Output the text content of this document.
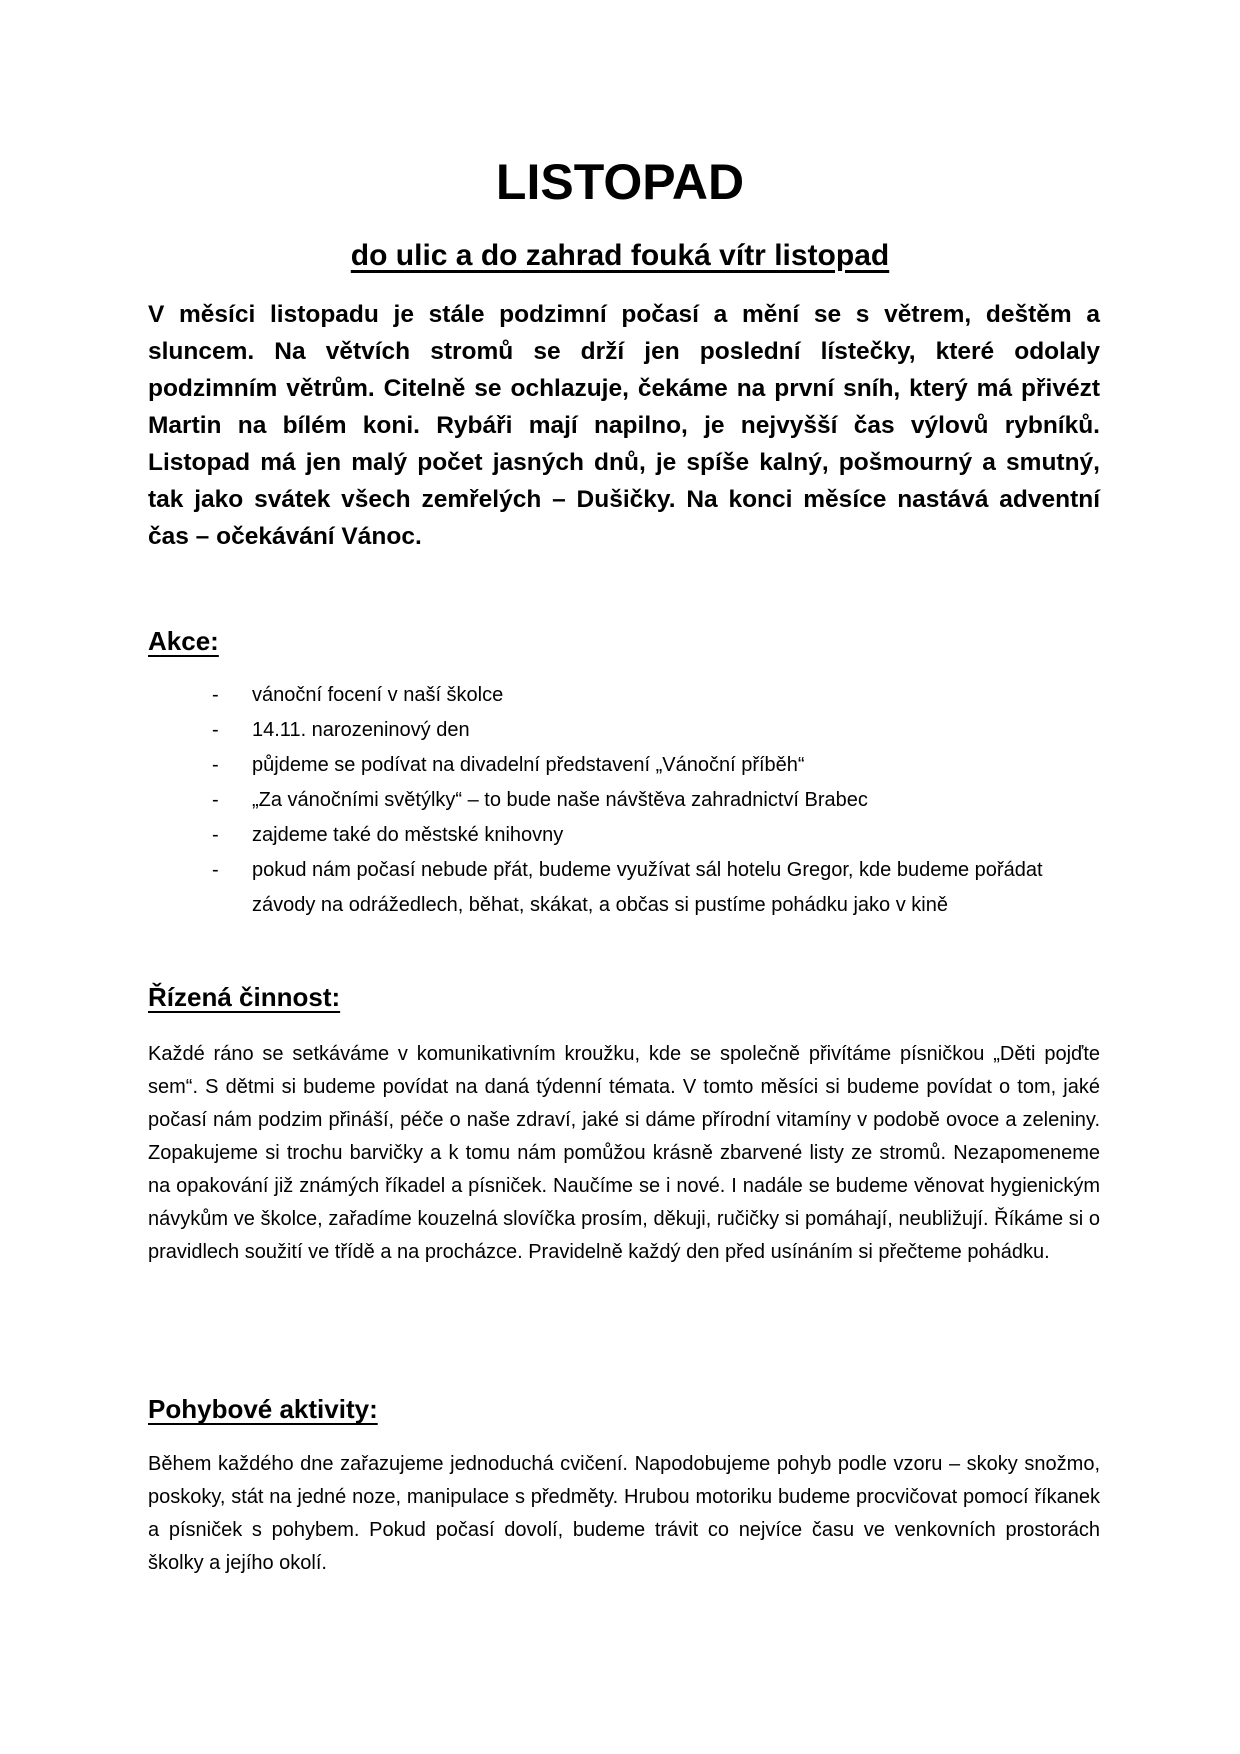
LISTOPAD
do ulic a do zahrad fouká vítr listopad

V měsíci listopadu je stále podzimní počasí a mění se s větrem, deštěm a sluncem. Na větvích stromů se drží jen poslední lístečky, které odolaly podzimním větrům. Citelně se ochlazuje, čekáme na první sníh, který má přivézt Martin na bílém koni. Rybáři mají napilno, je nejvyšší čas výlovů rybníků. Listopad má jen malý počet jasných dnů, je spíše kalný, pošmourný a smutný, tak jako svátek všech zemřelých – Dušičky. Na konci měsíce nastává adventní čas – očekávání Vánoc.

Akce:
- vánoční focení v naší školce
- 14.11. narozeninový den
- půjdeme se podívat na divadelní představení „Vánoční příběh“
- „Za vánočními světýlky“ – to bude naše návštěva zahradnictví Brabec
- zajdeme také do městské knihovny
- pokud nám počasí nebude přát, budeme využívat sál hotelu Gregor, kde budeme pořádat závody na odrážedlech, běhat, skákat, a občas si pustíme pohádku jako v kině
Řízená činnost:

Každé ráno se setkáváme v komunikativním kroužku, kde se společně přivítáme písničkou „Děti pojďte sem“. S dětmi si budeme povídat na daná týdenní témata. V tomto měsíci si budeme povídat o tom, jaké počasí nám podzim přináší, péče o naše zdraví, jaké si dáme přírodní vitamíny v podobě ovoce a zeleniny. Zopakujeme si trochu barvičky a k tomu nám pomůžou krásně zbarvené listy ze stromů. Nezapomeneme na opakování již známých říkadel a písniček. Naučíme se i nové. I nadále se budeme věnovat hygienickým návykům ve školce, zařadíme kouzelná slovíčka prosím, děkuji, ručičky si pomáhají, neubližují. Říkáme si o pravidlech soužití ve třídě a na procházce. Pravidelně každý den před usínáním si přečteme pohádku.

Pohybové aktivity:

Během každého dne zařazujeme jednoduchá cvičení. Napodobujeme pohyb podle vzoru – skoky snožmo, poskoky, stát na jedné noze, manipulace s předměty. Hrubou motoriku budeme procvičovat pomocí říkanek a písniček s pohybem. Pokud počasí dovolí, budeme trávit co nejvíce času ve venkovních prostorách školky a jejího okolí.
